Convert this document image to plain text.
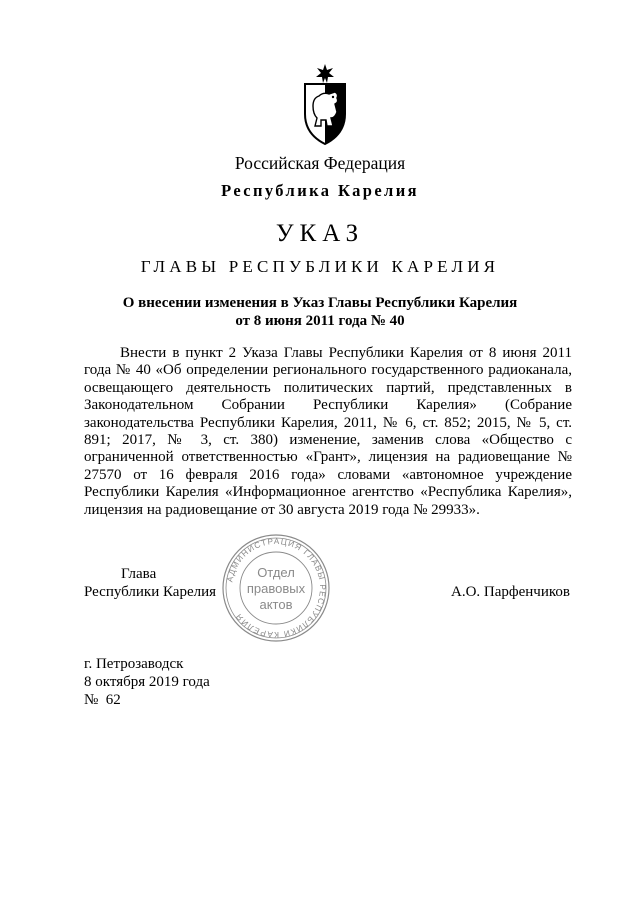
Российская Федерация
Республика Карелия
УКАЗ
ГЛАВЫ РЕСПУБЛИКИ КАРЕЛИЯ
О внесении изменения в Указ Главы Республики Карелия
от 8 июня 2011 года № 40

Внести в пункт 2 Указа Главы Республики Карелия от 8 июня 2011 года № 40 «Об определении регионального государственного радиоканала, освещающего деятельность политических партий, представленных в Законодательном Собрании Республики Карелия» (Собрание законодательства Республики Карелия, 2011, № 6, ст. 852; 2015, № 5, ст. 891; 2017, № 3, ст. 380) изменение, заменив слова «Общество с ограниченной ответственностью «Грант», лицензия на радиовещание № 27570 от 16 февраля 2016 года» словами «автономное учреждение Республики Карелия «Информационное агентство «Республика Карелия», лицензия на радиовещание от 30 августа 2019 года № 29933».

Глава
Республики Карелия
АДМИНИСТРАЦИЯ ГЛАВЫ РЕСПУБЛИКИ КАРЕЛИЯ
Отдел
правовых
актов
А.О. Парфенчиков
г. Петрозаводск
8 октября 2019 года
№  62
